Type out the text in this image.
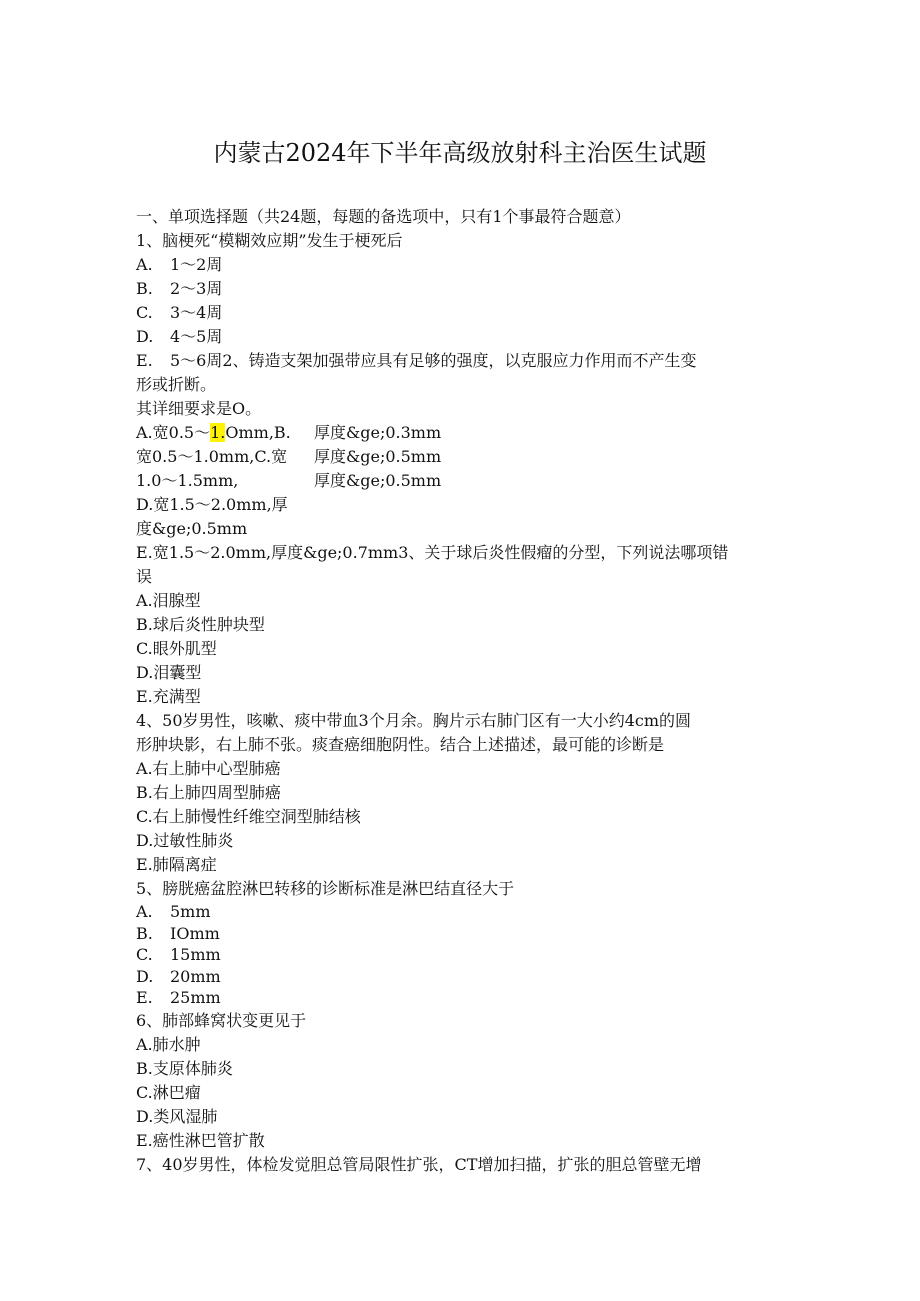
内蒙古2024年下半年高级放射科主治医生试题
一、单项选择题（共24题，每题的备选项中，只有1个事最符合题意）
1、脑梗死“模糊效应期”发生于梗死后
A. 1～2周
B. 2～3周
C. 3～4周
D. 4～5周
E. 5～6周2、铸造支架加强带应具有足够的强度，以克服应力作用而不产生变
形或折断。
其详细要求是O。
A.宽0.5～1.Omm,B.
宽0.5～1.0mm,C.宽
1.0～1.5mm,
厚度&ge;0.3mm
厚度&ge;0.5mm
厚度&ge;0.5mm
D.宽1.5～2.0mm,厚
度&ge;0.5mm
E.宽1.5～2.0mm,厚度&ge;0.7mm3、关于球后炎性假瘤的分型，下列说法哪项错
误
A.泪腺型
B.球后炎性肿块型
C.眼外肌型
D.泪囊型
E.充满型
4、50岁男性，咳嗽、痰中带血3个月余。胸片示右肺门区有一大小约4cm的圆
形肿块影，右上肺不张。痰查癌细胞阴性。结合上述描述，最可能的诊断是
A.右上肺中心型肺癌
B.右上肺四周型肺癌
C.右上肺慢性纤维空洞型肺结核
D.过敏性肺炎
E.肺隔离症
5、膀胱癌盆腔淋巴转移的诊断标准是淋巴结直径大于
A. 5mm
B. IOmm
C. 15mm
D. 20mm
E. 25mm
6、肺部蜂窝状变更见于
A.肺水肿
B.支原体肺炎
C.淋巴瘤
D.类风湿肺
E.癌性淋巴管扩散
7、40岁男性，体检发觉胆总管局限性扩张，CT增加扫描，扩张的胆总管壁无增
